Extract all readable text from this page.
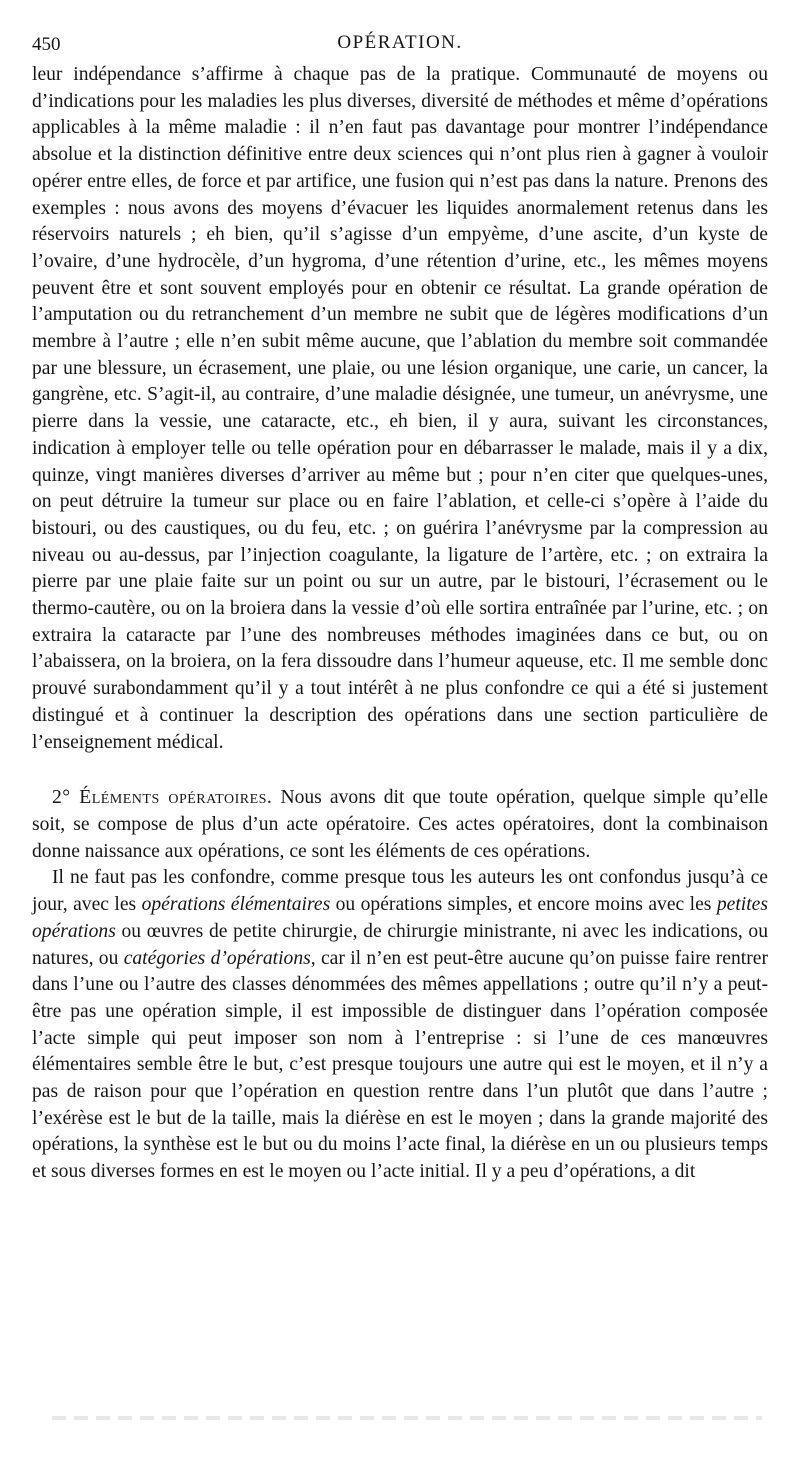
450	OPÉRATION.

leur indépendance s’affirme à chaque pas de la pratique. Communauté de moyens ou d’indications pour les maladies les plus diverses, diversité de méthodes et même d’opérations applicables à la même maladie : il n’en faut pas davantage pour montrer l’indépendance absolue et la distinction définitive entre deux sciences qui n’ont plus rien à gagner à vouloir opérer entre elles, de force et par artifice, une fusion qui n’est pas dans la nature. Prenons des exemples : nous avons des moyens d’évacuer les liquides anormalement retenus dans les réservoirs naturels ; eh bien, qu’il s’agisse d’un empyème, d’une ascite, d’un kyste de l’ovaire, d’une hydrocèle, d’un hygroma, d’une rétention d’urine, etc., les mêmes moyens peuvent être et sont souvent employés pour en obtenir ce résultat. La grande opération de l’amputation ou du retranchement d’un membre ne subit que de légères modifications d’un membre à l’autre ; elle n’en subit même aucune, que l’ablation du membre soit commandée par une blessure, un écrasement, une plaie, ou une lésion organique, une carie, un cancer, la gangrène, etc. S’agit-il, au contraire, d’une maladie désignée, une tumeur, un anévrysme, une pierre dans la vessie, une cataracte, etc., eh bien, il y aura, suivant les circonstances, indication à employer telle ou telle opération pour en débarrasser le malade, mais il y a dix, quinze, vingt manières diverses d’arriver au même but ; pour n’en citer que quelques-unes, on peut détruire la tumeur sur place ou en faire l’ablation, et celle-ci s’opère à l’aide du bistouri, ou des caustiques, ou du feu, etc. ; on guérira l’anévrysme par la compression au niveau ou au-dessus, par l’injection coagulante, la ligature de l’artère, etc. ; on extraira la pierre par une plaie faite sur un point ou sur un autre, par le bistouri, l’écrasement ou le thermo-cautère, ou on la broiera dans la vessie d’où elle sortira entraînée par l’urine, etc. ; on extraira la cataracte par l’une des nombreuses méthodes imaginées dans ce but, ou on l’abaissera, on la broiera, on la fera dissoudre dans l’humeur aqueuse, etc. Il me semble donc prouvé surabondamment qu’il y a tout intérêt à ne plus confondre ce qui a été si justement distingué et à continuer la description des opérations dans une section particulière de l’enseignement médical.

2° Éléments opératoires. Nous avons dit que toute opération, quelque simple qu’elle soit, se compose de plus d’un acte opératoire. Ces actes opératoires, dont la combinaison donne naissance aux opérations, ce sont les éléments de ces opérations.

Il ne faut pas les confondre, comme presque tous les auteurs les ont confondus jusqu’à ce jour, avec les opérations élémentaires ou opérations simples, et encore moins avec les petites opérations ou œuvres de petite chirurgie, de chirurgie ministrante, ni avec les indications, ou natures, ou catégories d’opérations, car il n’en est peut-être aucune qu’on puisse faire rentrer dans l’une ou l’autre des classes dénommées des mêmes appellations ; outre qu’il n’y a peut-être pas une opération simple, il est impossible de distinguer dans l’opération composée l’acte simple qui peut imposer son nom à l’entreprise : si l’une de ces manœuvres élémentaires semble être le but, c’est presque toujours une autre qui est le moyen, et il n’y a pas de raison pour que l’opération en question rentre dans l’un plutôt que dans l’autre ; l’exérèse est le but de la taille, mais la diérèse en est le moyen ; dans la grande majorité des opérations, la synthèse est le but ou du moins l’acte final, la diérèse en un ou plusieurs temps et sous diverses formes en est le moyen ou l’acte initial. Il y a peu d’opérations, a dit
